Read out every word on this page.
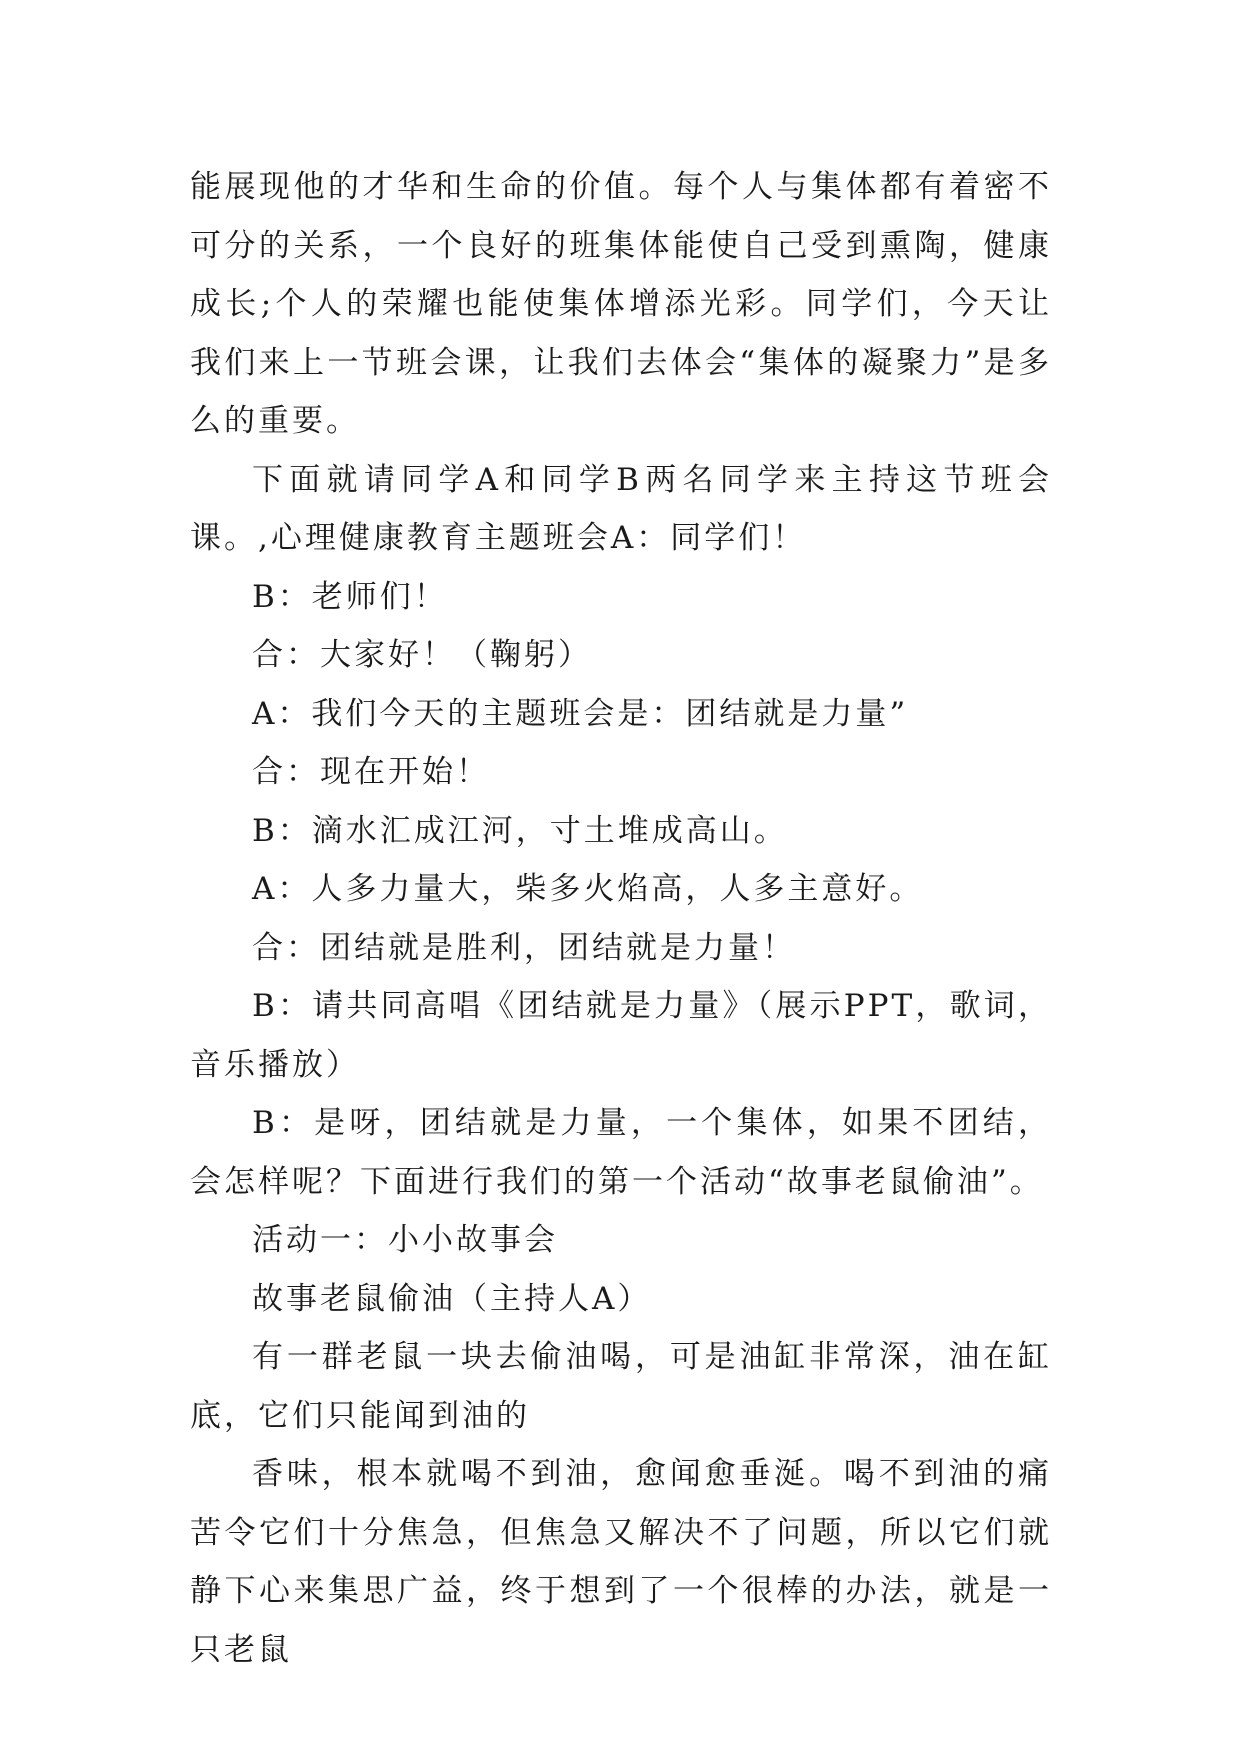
能展现他的才华和生命的价值。每个人与集体都有着密不可分的关系，一个良好的班集体能使自己受到熏陶，健康成长;个人的荣耀也能使集体增添光彩。同学们，今天让我们来上一节班会课，让我们去体会“集体的凝聚力”是多么的重要。

下面就请同学A和同学B两名同学来主持这节班会课。,心理健康教育主题班会A：同学们！

B：老师们！

合：大家好！（鞠躬）

A：我们今天的主题班会是：团结就是力量”

合：现在开始！

B：滴水汇成江河，寸土堆成高山。

A：人多力量大，柴多火焰高，人多主意好。

合：团结就是胜利，团结就是力量！

B：请共同高唱《团结就是力量》（展示PPT，歌词，音乐播放）

B：是呀，团结就是力量，一个集体，如果不团结，会怎样呢？下面进行我们的第一个活动“故事老鼠偷油”。

活动一：小小故事会

故事老鼠偷油（主持人A）

有一群老鼠一块去偷油喝，可是油缸非常深，油在缸底，它们只能闻到油的

香味，根本就喝不到油，愈闻愈垂涎。喝不到油的痛苦令它们十分焦急，但焦急又解决不了问题，所以它们就静下心来集思广益，终于想到了一个很棒的办法，就是一只老鼠
